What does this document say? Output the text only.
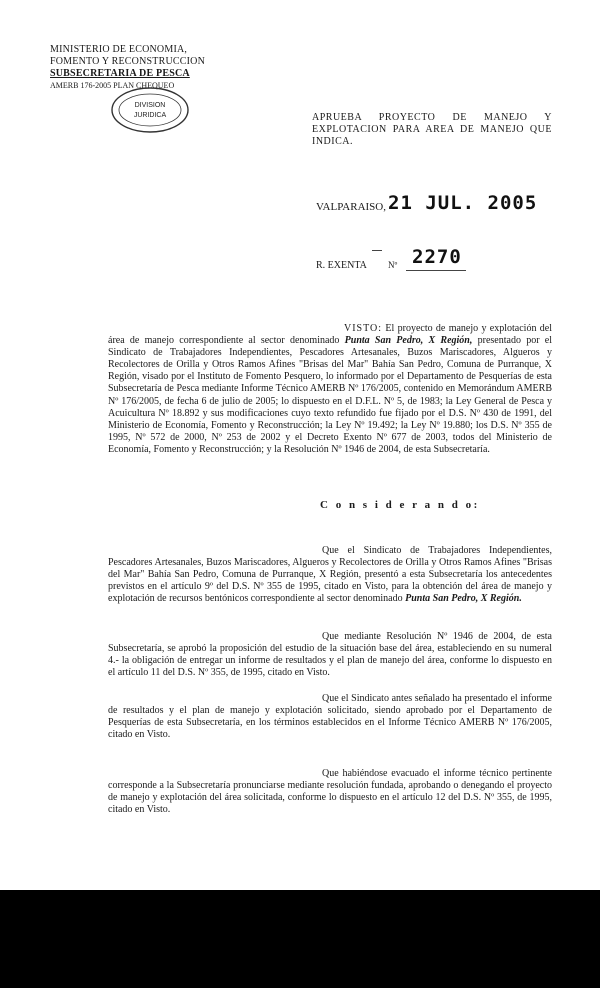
MINISTERIO DE ECONOMIA,
FOMENTO Y RECONSTRUCCION
SUBSECRETARIA DE PESCA
AMERB 176-2005 PLAN CHEQUEO
DIVISION
JURIDICA	APRUEBA PROYECTO DE MANEJO Y EXPLOTACION PARA AREA DE MANEJO QUE INDICA.
VALPARAISO, 21 JUL. 2005
R. EXENTA Nº 2270

VISTO: El proyecto de manejo y explotación del área de manejo correspondiente al sector denominado Punta San Pedro, X Región, presentado por el Sindicato de Trabajadores Independientes, Pescadores Artesanales, Buzos Mariscadores, Algueros y Recolectores de Orilla y Otros Ramos Afines "Brisas del Mar" Bahía San Pedro, Comuna de Purranque, X Región, visado por el Instituto de Fomento Pesquero, lo informado por el Departamento de Pesquerías de esta Subsecretaría de Pesca mediante Informe Técnico AMERB Nº 176/2005, contenido en Memorándum AMERB Nº 176/2005, de fecha 6 de julio de 2005; lo dispuesto en el D.F.L. Nº 5, de 1983; la Ley General de Pesca y Acuicultura Nº 18.892 y sus modificaciones cuyo texto refundido fue fijado por el D.S. Nº 430 de 1991, del Ministerio de Economía, Fomento y Reconstrucción; la Ley Nº 19.492; la Ley Nº 19.880; los D.S. Nº 355 de 1995, Nº 572 de 2000, Nº 253 de 2002 y el Decreto Exento Nº 677 de 2003, todos del Ministerio de Economía, Fomento y Reconstrucción; y la Resolución Nº 1946 de 2004, de esta Subsecretaría.

C o n s i d e r a n d o:

Que el Sindicato de Trabajadores Independientes, Pescadores Artesanales, Buzos Mariscadores, Algueros y Recolectores de Orilla y Otros Ramos Afines "Brisas del Mar" Bahía San Pedro, Comuna de Purranque, X Región, presentó a esta Subsecretaría los antecedentes previstos en el artículo 9º del D.S. Nº 355 de 1995, citado en Visto, para la obtención del área de manejo y explotación de recursos bentónicos correspondiente al sector denominado Punta San Pedro, X Región.

Que mediante Resolución Nº 1946 de 2004, de esta Subsecretaría, se aprobó la proposición del estudio de la situación base del área, estableciendo en su numeral 4.- la obligación de entregar un informe de resultados y el plan de manejo del área, conforme lo dispuesto en el artículo 11 del D.S. Nº 355, de 1995, citado en Visto.

Que el Sindicato antes señalado ha presentado el informe de resultados y el plan de manejo y explotación solicitado, siendo aprobado por el Departamento de Pesquerías de esta Subsecretaría, en los términos establecidos en el Informe Técnico AMERB Nº 176/2005, citado en Visto.

Que habiéndose evacuado el informe técnico pertinente corresponde a la Subsecretaría pronunciarse mediante resolución fundada, aprobando o denegando el proyecto de manejo y explotación del área solicitada, conforme lo dispuesto en el artículo 12 del D.S. Nº 355, de 1995, citado en Visto.
